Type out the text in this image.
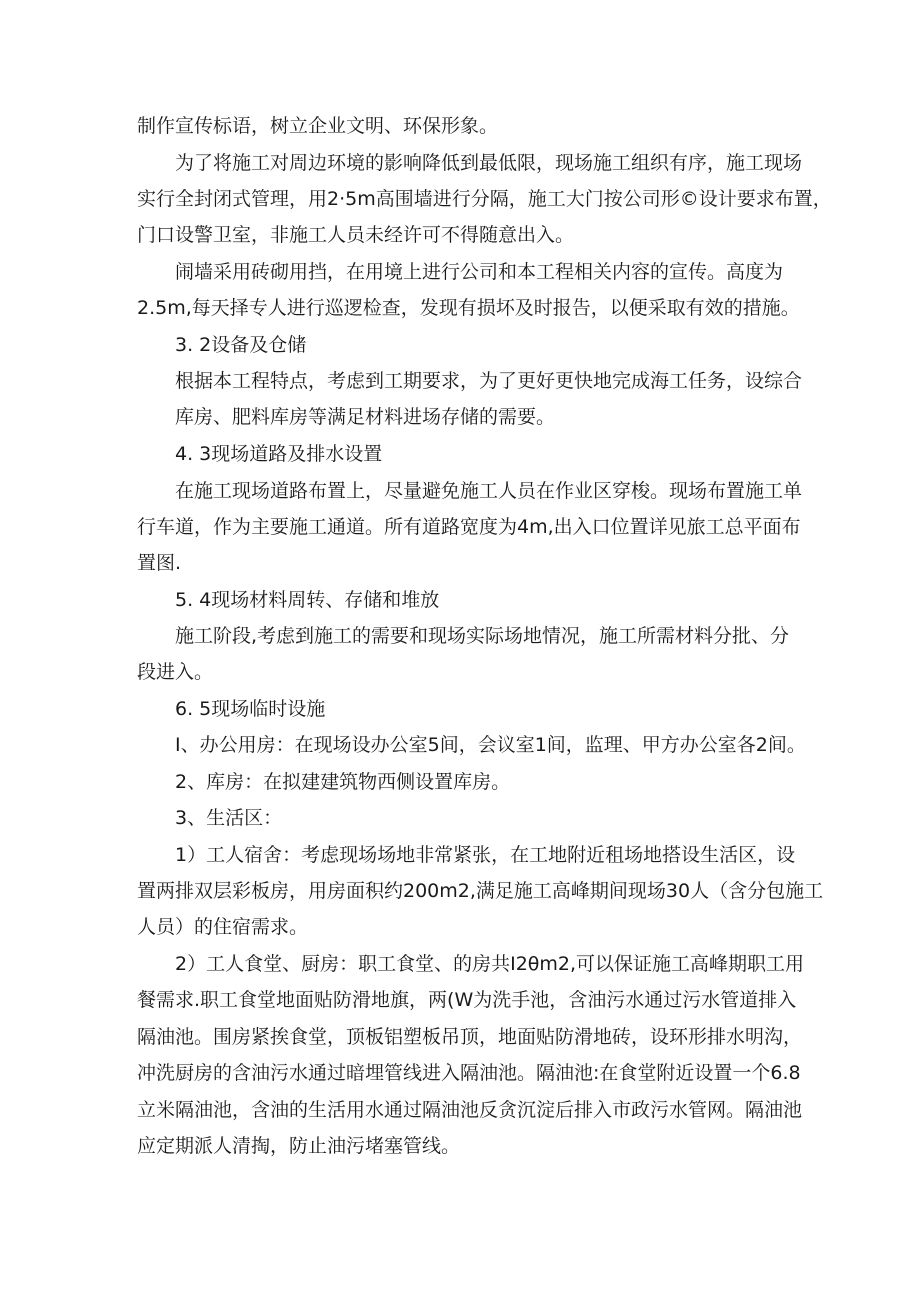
制作宣传标语，树立企业文明、环保形象。
为了将施工对周边环境的影响降低到最低限，现场施工组织有序，施工现场
实行全封闭式管理，用2·5m高围墙进行分隔，施工大门按公司形©设计要求布置，
门口设警卫室，非施工人员未经许可不得随意出入。
闹墙采用砖砌用挡，在用境上进行公司和本工程相关内容的宣传。高度为
2.5m,每天择专人进行巡逻检查，发现有损坏及时报告，以便采取有效的措施。
3. 2设备及仓储
根据本工程特点，考虑到工期要求，为了更好更快地完成海工任务，设综合
库房、肥料库房等满足材料进场存储的需要。
4. 3现场道路及排水设置
在施工现场道路布置上，尽量避免施工人员在作业区穿梭。现场布置施工单
行车道，作为主要施工通道。所有道路宽度为4m,出入口位置详见旅工总平面布
置图.
5. 4现场材料周转、存储和堆放
施工阶段,考虑到施工的需要和现场实际场地情况，施工所需材料分批、分
段进入。
6. 5现场临时设施
I、办公用房：在现场设办公室5间，会议室1间，监理、甲方办公室各2间。
2、库房：在拟建建筑物西侧设置库房。
3、生活区：
1）工人宿舍：考虑现场场地非常紧张，在工地附近租场地搭设生活区，设
置两排双层彩板房，用房面积约200m2,满足施工高峰期间现场30人（含分包施工
人员）的住宿需求。
2）工人食堂、厨房：职工食堂、的房共I2θm2,可以保证施工高峰期职工用
餐需求.职工食堂地面贴防滑地旗，两(W为洗手池，含油污水通过污水管道排入
隔油池。围房紧挨食堂，顶板铝塑板吊顶，地面贴防滑地砖，设环形排水明沟，
冲洗厨房的含油污水通过暗埋管线进入隔油池。隔油池:在食堂附近设置一个6.8
立米隔油池，含油的生活用水通过隔油池反贪沉淀后排入市政污水管网。隔油池
应定期派人清掏，防止油污堵塞管线。
